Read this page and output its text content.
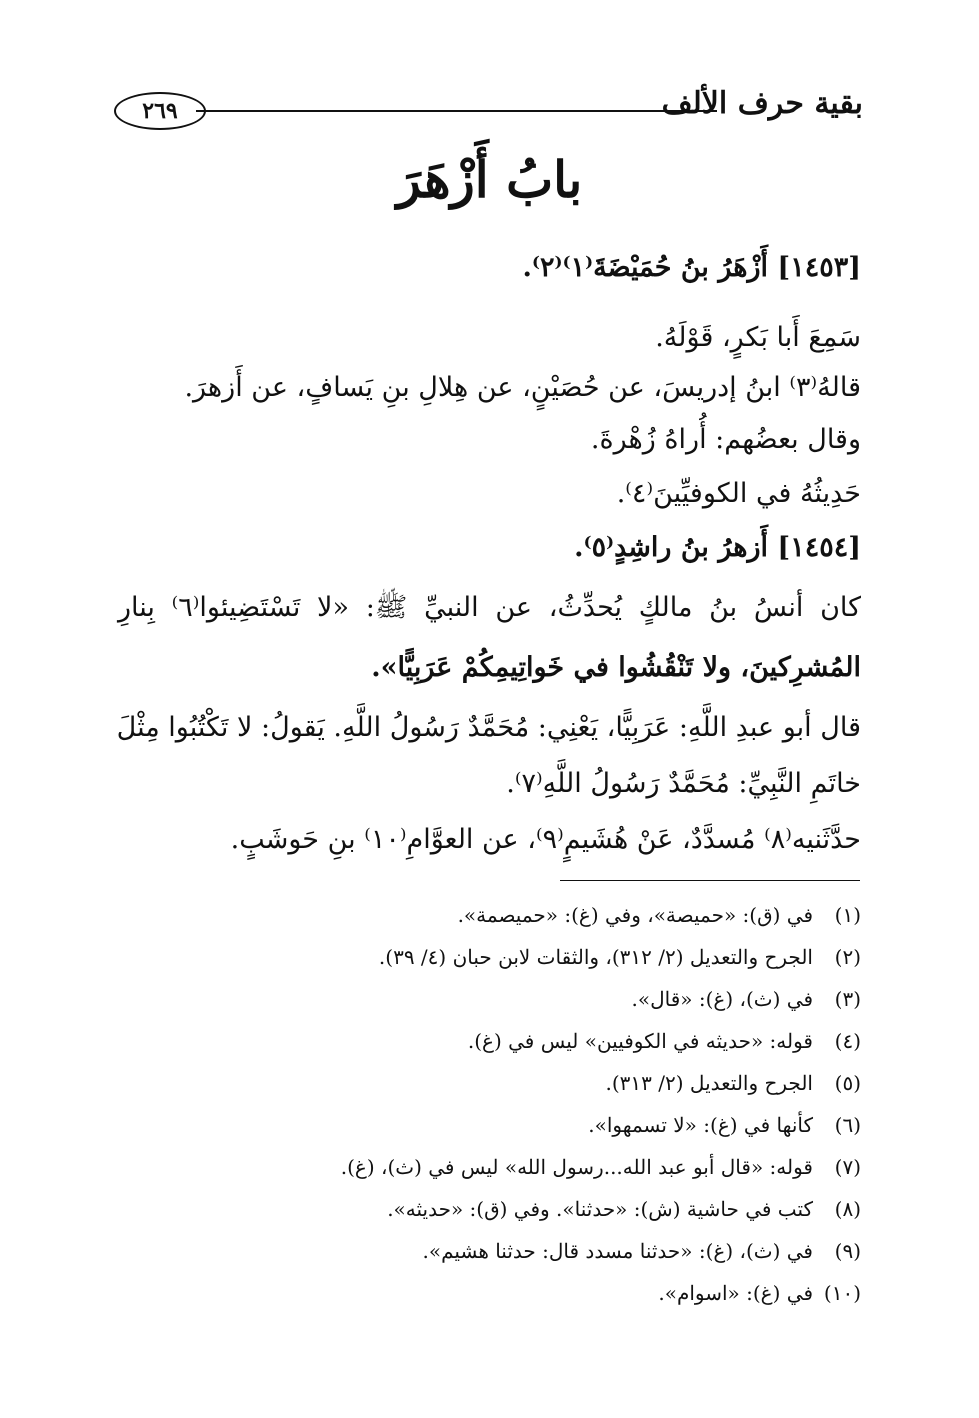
بقية حرف الألف
٢٦٩
بابُ أَزْهَرَ
[١٤٥٣] أَزْهَرُ بنُ حُمَيْضَةَ⁽١⁾⁽٢⁾.
سَمِعَ أَبا بَكرٍ، قَوْلَهُ.
قالهُ⁽٣⁾ ابنُ إدريسَ، عن حُصَيْنٍ، عن هِلالِ بنِ يَسافٍ، عن أَزهرَ.
وقال بعضُهم: أُراهُ زُهْرةَ.
حَدِيثُهُ في الكوفيِّينَ⁽٤⁾.
[١٤٥٤] أَزهرُ بنُ راشِدٍ⁽٥⁾.
كان أنسُ بنُ مالكٍ يُحدِّثُ، عن النبيِّ ﷺ: «لا تَسْتَضِيئوا⁽٦⁾ بِنارِ
المُشرِكينَ، ولا تَنْقُشُوا في خَواتِيمِكُمْ عَرَبِيًّا».
قال أبو عبدِ اللَّهِ: عَرَبِيًّا، يَعْنِي: مُحَمَّدٌ رَسُولُ اللَّهِ. يَقولُ: لا تَكْتُبُوا مِثْلَ
خاتَمِ النَّبِيِّ: مُحَمَّدٌ رَسُولُ اللَّهِ⁽٧⁾.
حدَّثَنيه⁽٨⁾ مُسدَّدٌ، عَنْ هُشَيمٍ⁽٩⁾، عن العوَّامِ⁽١٠⁾ بنِ حَوشَبٍ.
(١)في (ق): «حميصة»، وفي (غ): «حميصمة».
(٢)الجرح والتعديل (٢/ ٣١٢)، والثقات لابن حبان (٤/ ٣٩).
(٣)في (ث)، (غ): «قال».
(٤)قوله: «حديثه في الكوفيين» ليس في (غ).
(٥)الجرح والتعديل (٢/ ٣١٣).
(٦)كأنها في (غ): «لا تسمهوا».
(٧)قوله: «قال أبو عبد الله...رسول الله» ليس في (ث)، (غ).
(٨)كتب في حاشية (ش): «حدثنا». وفي (ق): «حديثه».
(٩)في (ث)، (غ): «حدثنا مسدد قال: حدثنا هشيم».
(١٠)في (غ): «اسوام».
